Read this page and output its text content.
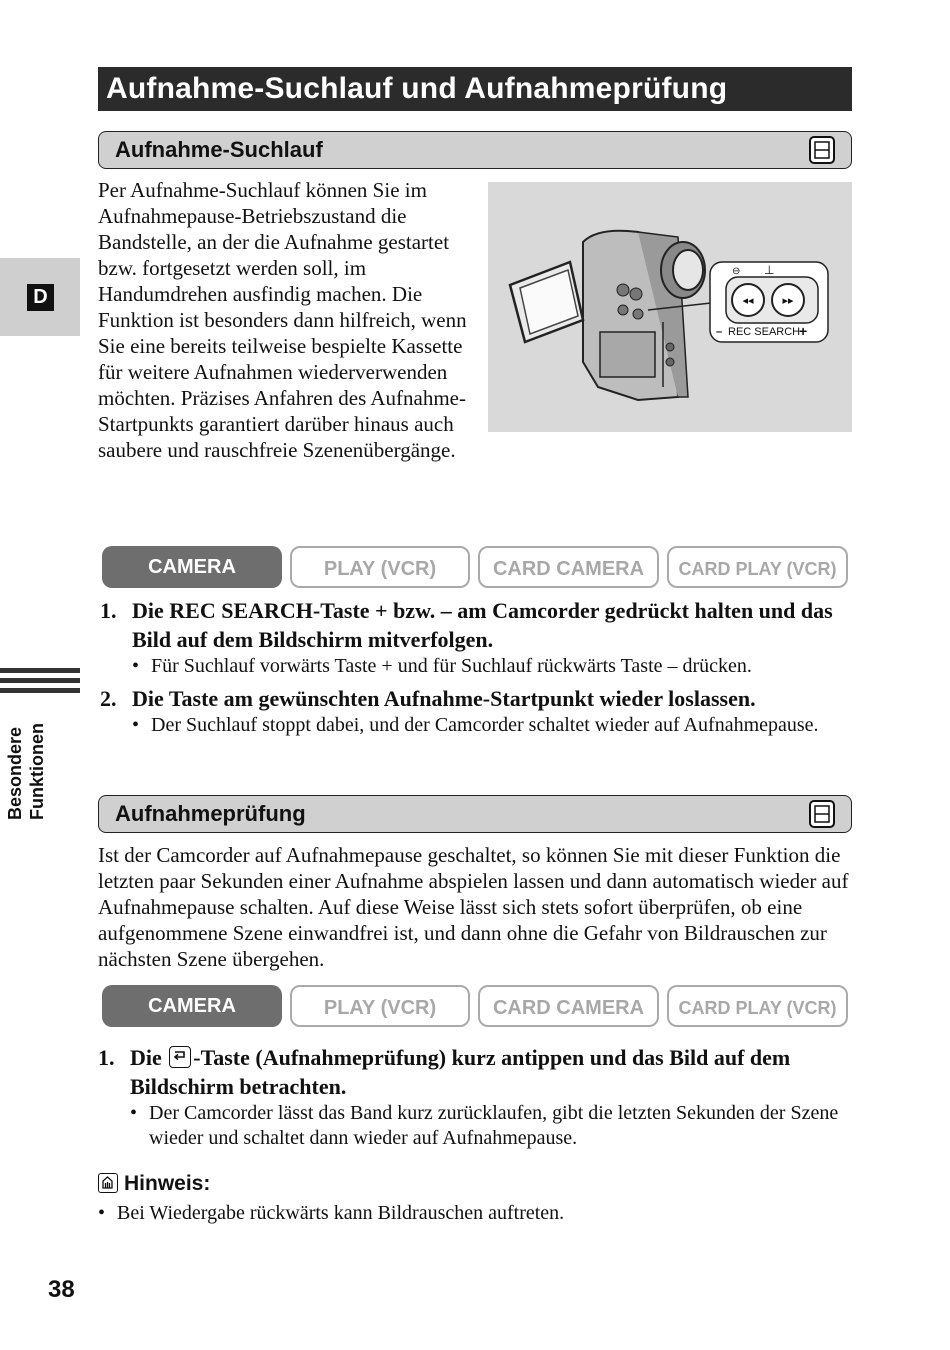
Aufnahme-Suchlauf und Aufnahmeprüfung
D
Besondere Funktionen
Aufnahme-Suchlauf
Per Aufnahme-Suchlauf können Sie im Aufnahmepause-Betriebszustand die Bandstelle, an der die Aufnahme gestartet bzw. fortgesetzt werden soll, im Handumdrehen ausfindig machen. Die Funktion ist besonders dann hilfreich, wenn Sie eine bereits teilweise bespielte Kassette für weitere Aufnahmen wiederverwenden möchten. Präzises Anfahren des Aufnahme-Startpunkts garantiert darüber hinaus auch saubere und rauschfreie Szenenübergänge.
◂◂	▸▸
⊖ ⊥
– REC SEARCH
+
CAMERA	PLAY (VCR)	CARD CAMERA	CARD PLAY (VCR)
1. Die REC SEARCH-Taste + bzw. – am Camcorder gedrückt halten und das Bild auf dem Bildschirm mitverfolgen.
• Für Suchlauf vorwärts Taste + und für Suchlauf rückwärts Taste – drücken.
2. Die Taste am gewünschten Aufnahme-Startpunkt wieder loslassen.
• Der Suchlauf stoppt dabei, und der Camcorder schaltet wieder auf Aufnahmepause.
Aufnahmeprüfung
Ist der Camcorder auf Aufnahmepause geschaltet, so können Sie mit dieser Funktion die letzten paar Sekunden einer Aufnahme abspielen lassen und dann automatisch wieder auf Aufnahmepause schalten. Auf diese Weise lässt sich stets sofort überprüfen, ob eine aufgenommene Szene einwandfrei ist, und dann ohne die Gefahr von Bildrauschen zur nächsten Szene übergehen.
CAMERA	PLAY (VCR)	CARD CAMERA	CARD PLAY (VCR)
1. Die -Taste (Aufnahmeprüfung) kurz antippen und das Bild auf dem Bildschirm betrachten.
• Der Camcorder lässt das Band kurz zurücklaufen, gibt die letzten Sekunden der Szene wieder und schaltet dann wieder auf Aufnahmepause.
Hinweis:
• Bei Wiedergabe rückwärts kann Bildrauschen auftreten.
38
